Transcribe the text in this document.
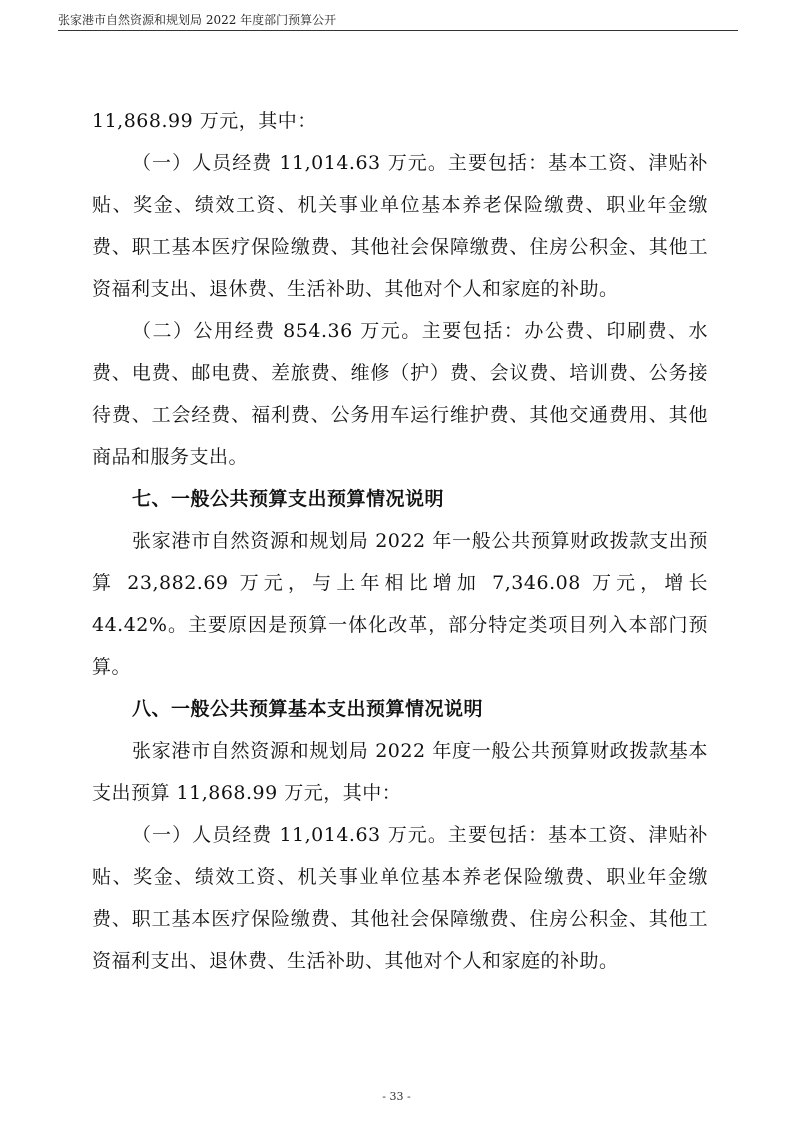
张家港市自然资源和规划局 2022 年度部门预算公开

11,868.99 万元，其中：

（一）人员经费 11,014.63 万元。主要包括：基本工资、津贴补贴、奖金、绩效工资、机关事业单位基本养老保险缴费、职业年金缴费、职工基本医疗保险缴费、其他社会保障缴费、住房公积金、其他工资福利支出、退休费、生活补助、其他对个人和家庭的补助。

（二）公用经费 854.36 万元。主要包括：办公费、印刷费、水费、电费、邮电费、差旅费、维修（护）费、会议费、培训费、公务接待费、工会经费、福利费、公务用车运行维护费、其他交通费用、其他商品和服务支出。

七、一般公共预算支出预算情况说明

张家港市自然资源和规划局 2022 年一般公共预算财政拨款支出预算 23,882.69 万元，与上年相比增加 7,346.08 万元，增长 44.42%。主要原因是预算一体化改革，部分特定类项目列入本部门预算。

八、一般公共预算基本支出预算情况说明

张家港市自然资源和规划局 2022 年度一般公共预算财政拨款基本支出预算 11,868.99 万元，其中：

（一）人员经费 11,014.63 万元。主要包括：基本工资、津贴补贴、奖金、绩效工资、机关事业单位基本养老保险缴费、职业年金缴费、职工基本医疗保险缴费、其他社会保障缴费、住房公积金、其他工资福利支出、退休费、生活补助、其他对个人和家庭的补助。

- 33 -
